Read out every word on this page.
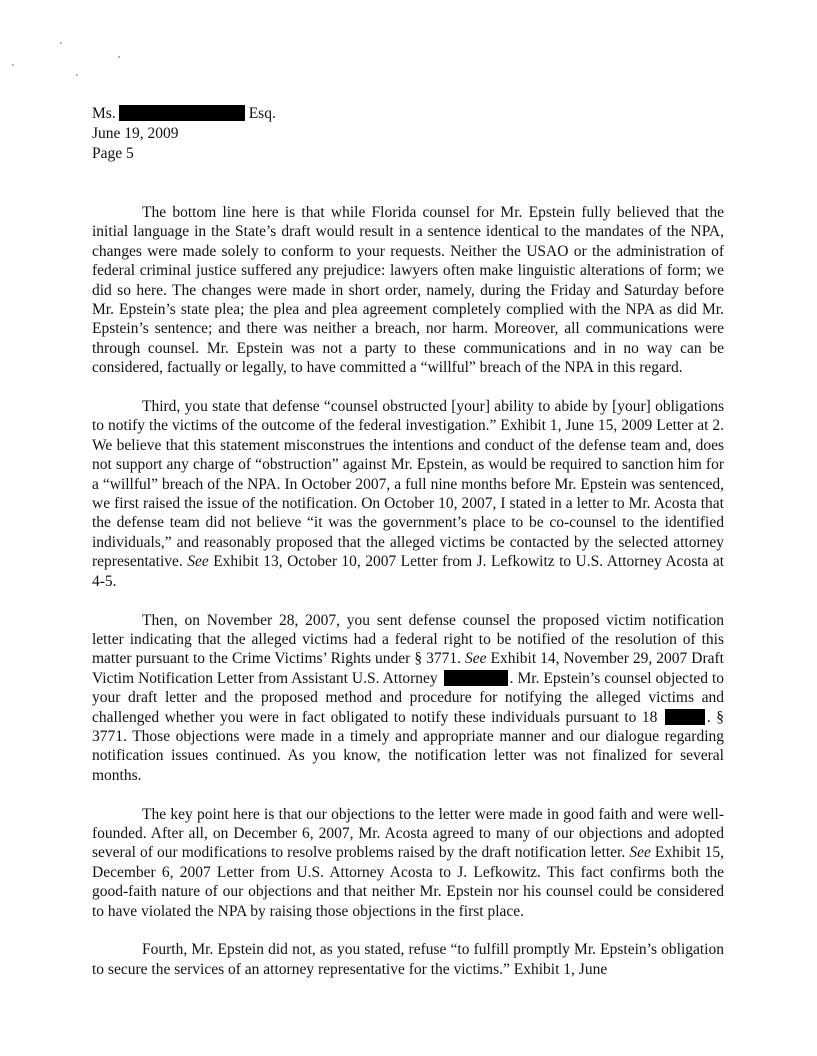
Ms.	Esq.
June 19, 2009
Page 5

The bottom line here is that while Florida counsel for Mr. Epstein fully believed that the initial language in the State’s draft would result in a sentence identical to the mandates of the NPA, changes were made solely to conform to your requests. Neither the USAO or the administration of federal criminal justice suffered any prejudice: lawyers often make linguistic alterations of form; we did so here. The changes were made in short order, namely, during the Friday and Saturday before Mr. Epstein’s state plea; the plea and plea agreement completely complied with the NPA as did Mr. Epstein’s sentence; and there was neither a breach, nor harm. Moreover, all communications were through counsel. Mr. Epstein was not a party to these communications and in no way can be considered, factually or legally, to have committed a “willful” breach of the NPA in this regard.

Third, you state that defense “counsel obstructed [your] ability to abide by [your] obligations to notify the victims of the outcome of the federal investigation.” Exhibit 1, June 15, 2009 Letter at 2. We believe that this statement misconstrues the intentions and conduct of the defense team and, does not support any charge of “obstruction” against Mr. Epstein, as would be required to sanction him for a “willful” breach of the NPA. In October 2007, a full nine months before Mr. Epstein was sentenced, we first raised the issue of the notification. On October 10, 2007, I stated in a letter to Mr. Acosta that the defense team did not believe “it was the government’s place to be co-counsel to the identified individuals,” and reasonably proposed that the alleged victims be contacted by the selected attorney representative. See Exhibit 13, October 10, 2007 Letter from J. Lefkowitz to U.S. Attorney Acosta at 4-5.

Then, on November 28, 2007, you sent defense counsel the proposed victim notification letter indicating that the alleged victims had a federal right to be notified of the resolution of this matter pursuant to the Crime Victims’ Rights under § 3771. See Exhibit 14, November 29, 2007 Draft Victim Notification Letter from Assistant U.S. Attorney	. Mr. Epstein’s counsel objected to your draft letter and the proposed method and procedure for notifying the alleged victims and challenged whether you were in fact obligated to notify these individuals pursuant to 18	. § 3771. Those objections were made in a timely and appropriate manner and our dialogue regarding notification issues continued. As you know, the notification letter was not finalized for several months.

The key point here is that our objections to the letter were made in good faith and were well-founded. After all, on December 6, 2007, Mr. Acosta agreed to many of our objections and adopted several of our modifications to resolve problems raised by the draft notification letter. See Exhibit 15, December 6, 2007 Letter from U.S. Attorney Acosta to J. Lefkowitz. This fact confirms both the good-faith nature of our objections and that neither Mr. Epstein nor his counsel could be considered to have violated the NPA by raising those objections in the first place.

Fourth, Mr. Epstein did not, as you stated, refuse “to fulfill promptly Mr. Epstein’s obligation to secure the services of an attorney representative for the victims.” Exhibit 1, June
